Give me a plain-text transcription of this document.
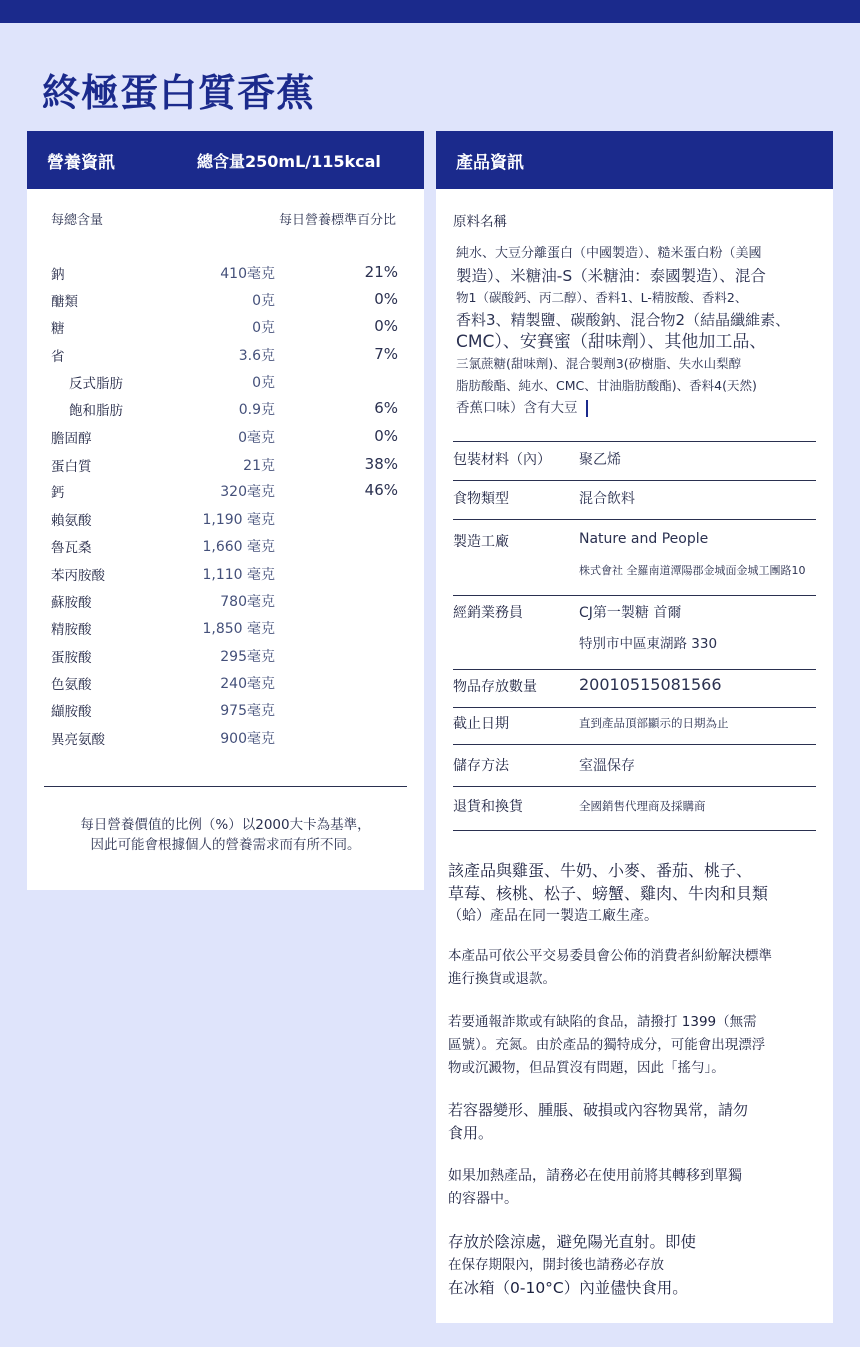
終極蛋白質香蕉
營養資訊	總含量250mL/115kcal
每總含量	每日營養標準百分比
鈉	410毫克	21%
醣類	0克	0%
糖	0克	0%
省	3.6克	7%
反式脂肪	0克
飽和脂肪	0.9克	6%
膽固醇	0毫克	0%
蛋白質	21克	38%
鈣	320毫克	46%
賴氨酸	1,190 毫克
魯瓦桑	1,660 毫克
苯丙胺酸	1,110 毫克
蘇胺酸	780毫克
精胺酸	1,850 毫克
蛋胺酸	295毫克
色氨酸	240毫克
纈胺酸	975毫克
異亮氨酸	900毫克
每日營養價值的比例（%）以2000大卡為基準，
因此可能會根據個人的營養需求而有所不同。
產品資訊
原料名稱
純水、大豆分離蛋白（中國製造）、糙米蛋白粉（美國
製造）、米糖油-S（米糖油：泰國製造）、混合
物1（碳酸鈣、丙二醇）、香料1、L-精胺酸、香料2、
香料3、精製鹽、碳酸鈉、混合物2（結晶纖維素、
CMC）、安賽蜜（甜味劑）、其他加工品、
三氯蔗糖(甜味劑)、混合製劑3(矽樹脂、失水山梨醇
脂肪酸酯、純水、CMC、甘油脂肪酸酯)、香料4(天然)
香蕉口味）含有大豆
包裝材料（內） 聚乙烯
食物類型	混合飲料
製造工廠	Nature and People
株式會社 全羅南道潭陽郡金城面金城工團路10
經銷業務員	CJ第一製糖 首爾
特別市中區東湖路 330
物品存放數量	20010515081566
截止日期	直到產品頂部顯示的日期為止
儲存方法	室溫保存
退貨和換貨	全國銷售代理商及採購商
該產品與雞蛋、牛奶、小麥、番茄、桃子、
草莓、核桃、松子、螃蟹、雞肉、牛肉和貝類
（蛤）產品在同一製造工廠生產。
本產品可依公平交易委員會公佈的消費者糾紛解決標準
進行換貨或退款。
若要通報詐欺或有缺陷的食品，請撥打 1399（無需
區號）。充氮。由於產品的獨特成分，可能會出現漂浮
物或沉澱物，但品質沒有問題，因此「搖勻」。
若容器變形、腫脹、破損或內容物異常，請勿
食用。
如果加熱產品，請務必在使用前將其轉移到單獨
的容器中。
存放於陰涼處，避免陽光直射。即使
在保存期限內，開封後也請務必存放
在冰箱（0-10°C）內並儘快食用。
